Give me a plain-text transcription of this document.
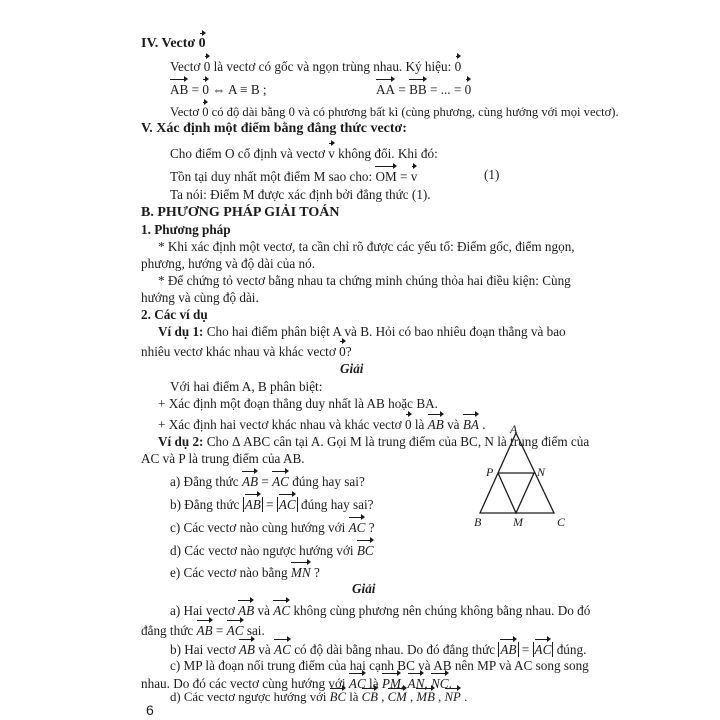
IV. Vectơ 0
Vectơ 0 là vectơ có gốc và ngọn trùng nhau. Ký hiệu: 0
AB = 0 ⇔ A ≡ B ;	AA = BB = ... = 0
Vectơ 0 có độ dài bằng 0 và có phương bất kì (cùng phương, cùng hướng với mọi vectơ).
V. Xác định một điểm bằng đẳng thức vectơ:
Cho điểm O cố định và vectơ v không đổi. Khi đó:
Tồn tại duy nhất một điểm M sao cho: OM = v	(1)
Ta nói: Điểm M được xác định bởi đẳng thức (1).
B. PHƯƠNG PHÁP GIẢI TOÁN
1. Phương pháp
* Khi xác định một vectơ, ta cần chỉ rõ được các yếu tố: Điểm gốc, điểm ngọn,
phương, hướng và độ dài của nó.
* Để chứng tỏ vectơ bằng nhau ta chứng minh chúng thỏa hai điều kiện: Cùng
hướng và cùng độ dài.
2. Các ví dụ
Ví dụ 1: Cho hai điểm phân biệt A và B. Hỏi có bao nhiêu đoạn thẳng và bao
nhiêu vectơ khác nhau và khác vectơ 0?
Giải
Với hai điểm A, B phân biệt:
+ Xác định một đoạn thẳng duy nhất là AB hoặc BA.
+ Xác định hai vectơ khác nhau và khác vectơ 0 là AB và BA .
Ví dụ 2: Cho Δ ABC cân tại A. Gọi M là trung điểm của BC, N là trung điểm của
AC và P là trung điểm của AB.
a) Đẳng thức AB = AC đúng hay sai?
b) Đẳng thức AB = AC đúng hay sai?
c) Các vectơ nào cùng hướng với AC ?
d) Các vectơ nào ngược hướng với BC
e) Các vectơ nào bằng MN ?
A
P	N
B	M	C
Giải
a) Hai vectơ AB và AC không cùng phương nên chúng không bằng nhau. Do đó
đẳng thức AB = AC sai.
b) Hai vectơ AB và AC có độ dài bằng nhau. Do đó đẳng thức AB = AC đúng.
c) MP là đoạn nối trung điểm của hai cạnh BC và AB nên MP và AC song song
nhau. Do đó các vectơ cùng hướng với AC là PM, AN, NC.
d) Các vectơ ngược hướng với BC là CB , CM , MB , NP .
6
